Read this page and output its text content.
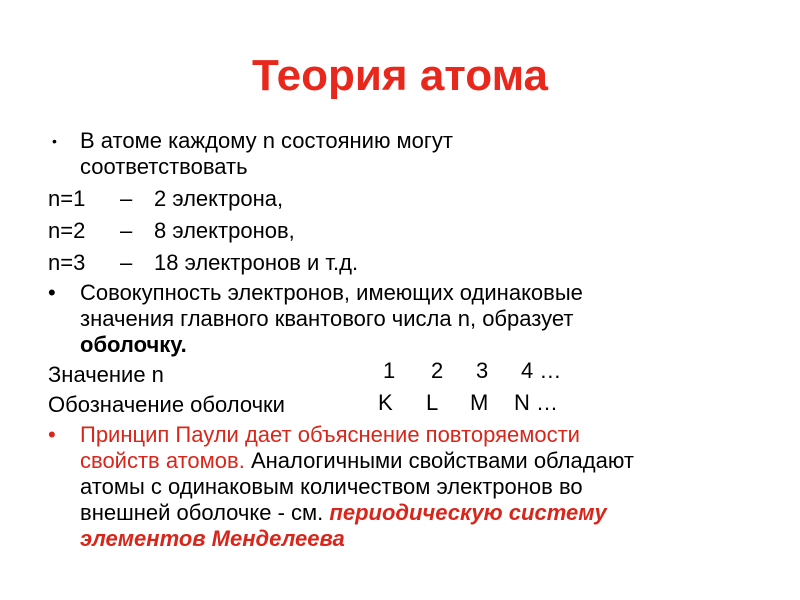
Теория атома
• В атоме каждому n состоянию могут
соответствовать
n=1 – 2 электрона,
n=2 – 8 электронов,
n=3 – 18 электронов и т.д.
• Совокупность электронов, имеющих одинаковые
значения главного квантового числа n, образует
оболочку.
Значение n	1 2 3 4 …
Обозначение оболочки	K L M N …
• Принцип Паули дает объяснение повторяемости
свойств атомов. Аналогичными свойствами обладают
атомы с одинаковым количеством электронов во
внешней оболочке - см. периодическую систему
элементов Менделеева
